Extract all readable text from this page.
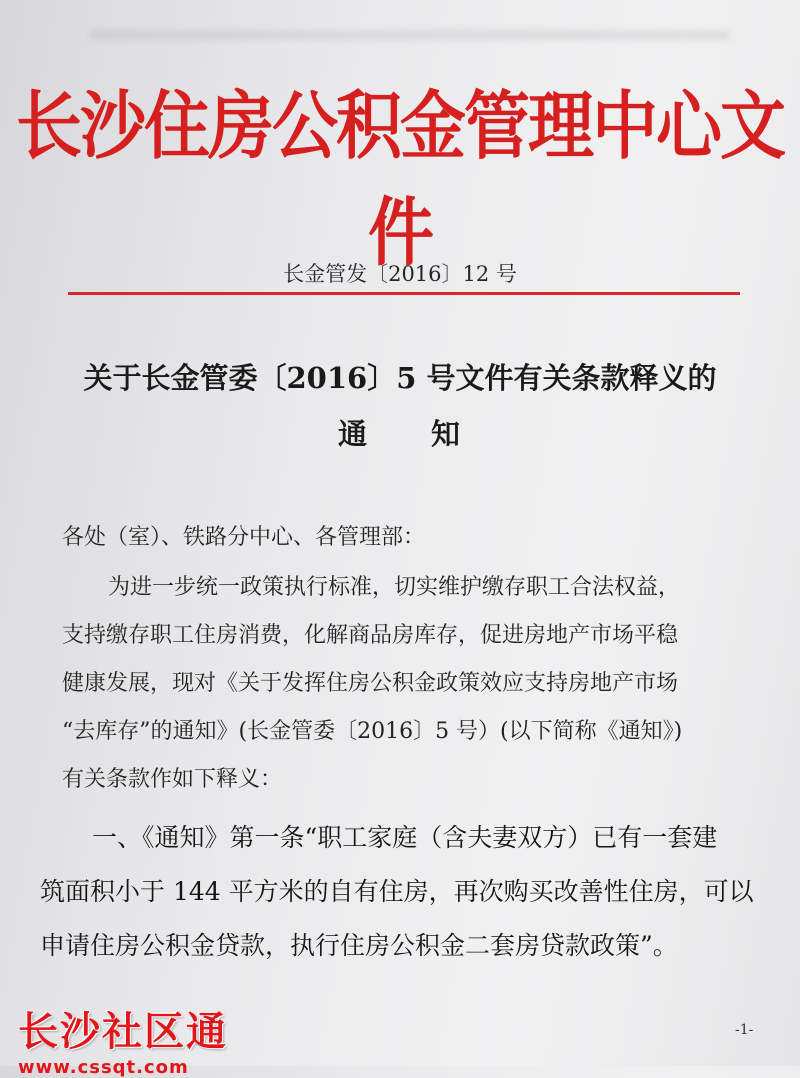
长沙住房公积金管理中心文件
长金管发〔2016〕12 号
关于长金管委〔2016〕5 号文件有关条款释义的
通　　知
各处（室）、铁路分中心、各管理部：
为进一步统一政策执行标准，切实维护缴存职工合法权益，
支持缴存职工住房消费，化解商品房库存，促进房地产市场平稳
健康发展，现对《关于发挥住房公积金政策效应支持房地产市场
“去库存”的通知》(长金管委〔2016〕5 号）(以下简称《通知》)
有关条款作如下释义：
一、《通知》第一条“职工家庭（含夫妻双方）已有一套建
筑面积小于 144 平方米的自有住房，再次购买改善性住房，可以
申请住房公积金贷款，执行住房公积金二套房贷款政策”。
长沙社区通
www.cssqt.com
-1-
